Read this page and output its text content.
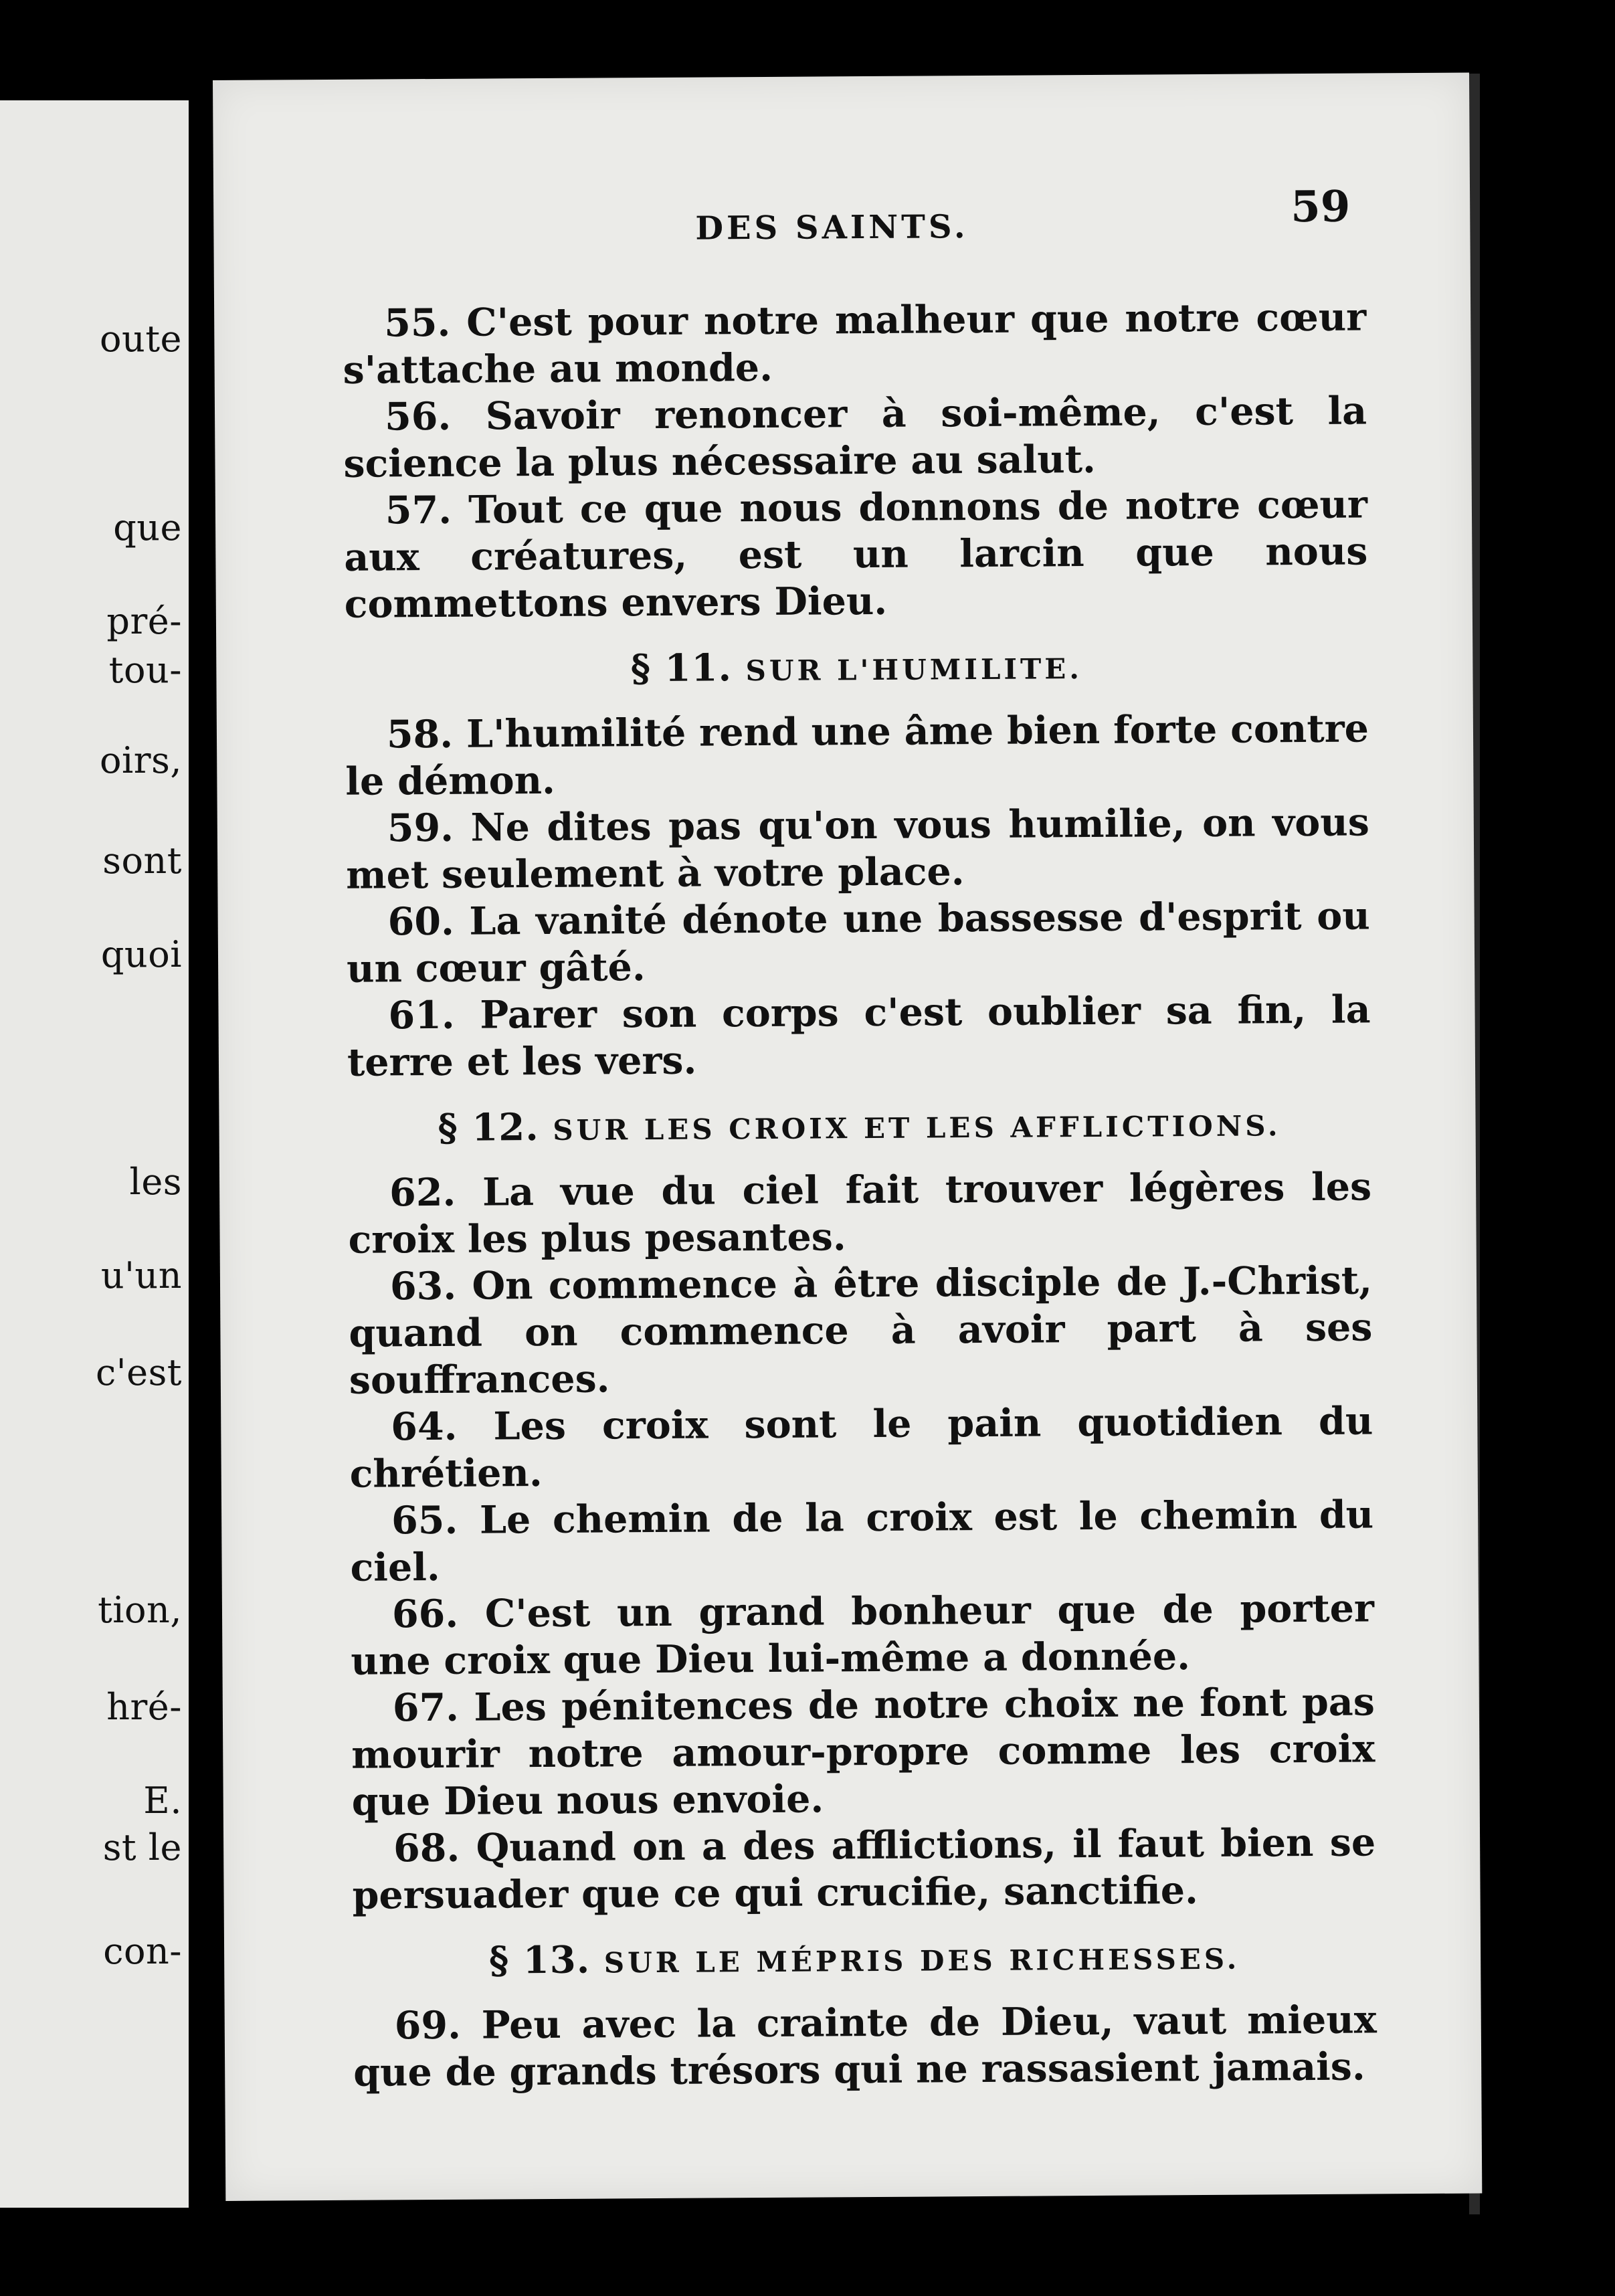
oute
que
pré-
tou-
oirs,
sont
quoi
les
u'un
c'est
tion,
hré-
E.
st le
con-
DES SAINTS.	59

55. C'est pour notre malheur que notre cœur s'attache au monde.

56. Savoir renoncer à soi-même, c'est la science la plus nécessaire au salut.

57. Tout ce que nous donnons de notre cœur aux créatures, est un larcin que nous commettons envers Dieu.

§ 11. SUR L'HUMILITE.

58. L'humilité rend une âme bien forte contre le démon.

59. Ne dites pas qu'on vous humilie, on vous met seulement à votre place.

60. La vanité dénote une bassesse d'esprit ou un cœur gâté.

61. Parer son corps c'est oublier sa fin, la terre et les vers.

§ 12. SUR LES CROIX ET LES AFFLICTIONS.

62. La vue du ciel fait trouver légères les croix les plus pesantes.

63. On commence à être disciple de J.-Christ, quand on commence à avoir part à ses souffrances.

64. Les croix sont le pain quotidien du chrétien.

65. Le chemin de la croix est le chemin du ciel.

66. C'est un grand bonheur que de porter une croix que Dieu lui-même a donnée.

67. Les pénitences de notre choix ne font pas mourir notre amour-propre comme les croix que Dieu nous envoie.

68. Quand on a des afflictions, il faut bien se persuader que ce qui crucifie, sanctifie.

§ 13. SUR LE MÉPRIS DES RICHESSES.

69. Peu avec la crainte de Dieu, vaut mieux que de grands trésors qui ne rassasient jamais.
